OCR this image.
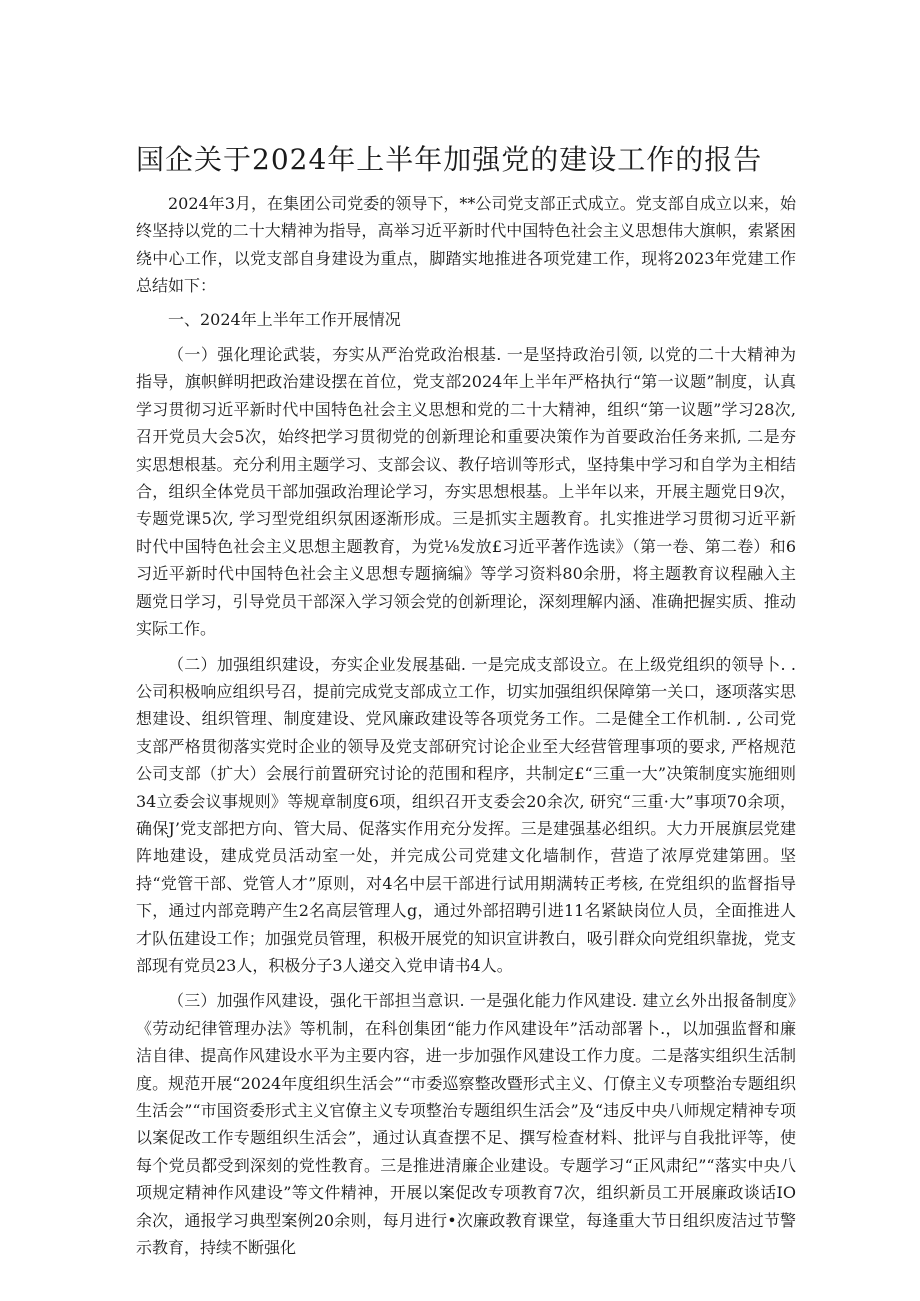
国企关于2024年上半年加强党的建设工作的报告

2024年3月，在集团公司党委的领导下，**公司党支部正式成立。党支部自成立以来，始终坚持以党的二十大精神为指导，高举习近平新时代中国特色社会主义思想伟大旗帜，索紧困绕中心工作，以党支部自身建设为重点，脚踏实地推进各项党建工作，现将2023年党建工作总结如下：

一、2024年上半年工作开展情况

（一）强化理论武装，夯实从严治党政治根基. 一是坚持政治引领, 以党的二十大精神为指导，旗帜鲜明把政治建设摆在首位，党支部2024年上半年严格执行“第一议题”制度，认真学习贯彻习近平新时代中国特色社会主义思想和党的二十大精神，组织“第一议题”学习28次, 召开党员大会5次，始终把学习贯彻党的创新理论和重要决策作为首要政治任务来抓, 二是夯实思想根基。充分利用主题学习、支部会议、教仔培训等形式，坚持集中学习和自学为主相结合，组织全体党员干部加强政治理论学习，夯实思想根基。上半年以来，开展主题党日9次，专题党课5次, 学习型党组织氛困逐渐形成。三是抓实主题教育。扎实推进学习贯彻习近平新时代中国特色社会主义思想主题教育，为党⅛发放£习近平著作选读》（第一卷、第二卷）和6习近平新时代中国特色社会主义思想专题摘编》等学习资料80余册，将主题教育议程融入主题党日学习，引导党员干部深入学习领会党的创新理论，深刻理解内涵、准确把握实质、推动实际工作。

（二）加强组织建设，夯实企业发展基础. 一是完成支部设立。在上级党组织的领导卜. . 公司积极响应组织号召，提前完成党支部成立工作，切实加强组织保障第一关口，逐项落实思想建设、组织管理、制度建设、党风廉政建设等各项党务工作。二是健全工作机制. , 公司党支部严格贯彻落实党时企业的领导及党支部研究讨论企业至大经营管理事项的要求, 严格规范公司支部（扩大）会展行前置研究讨论的范围和程序，共制定£“三重一大”决策制度实施细则34立委会议事规则》等规章制度6项，组织召开支委会20余次, 研究“三重·大”事项70余项，确保J’党支部把方向、管大局、促落实作用充分发挥。三是建强基必组织。大力开展旗层党建阵地建设，建成党员活动室一处，并完成公司党建文化墙制作，营造了浓厚党建第囲。坚持“党管干部、党管人才”原则，对4名中层干部进行试用期满转正考核, 在党组织的监督指导下，通过内部竞聘产生2名高层管理人g，通过外部招聘引进11名紧缺岗位人员，全面推进人才队伍建设工作；加强党员管理，积极开展党的知识宣讲教白，吸引群众向党组织靠拢，党支部现有党员23人，积极分子3人递交入党申请书4人。

（三）加强作风建设，强化干部担当意识. 一是强化能力作风建设. 建立幺外出报备制度》《劳动纪律管理办法》等机制，在科创集团“能力作风建设年”活动部署卜.，以加强监督和廉洁自律、提高作风建设水平为主要内容，进一步加强作风建设工作力度。二是落实组织生活制度。规范开展“2024年度组织生活会”“市委巡察整改暨形式主义、仃僚主义专项整治专题组织生活会”“市国资委形式主义官僚主义专项整治专题组织生活会”及“违反中央八师规定精神专项以案促改工作专题组织生活会”，通过认真查摆不足、撰写检查材料、批评与自我批评等，使每个党员都受到深刻的党性教育。三是推进清廉企业建设。专题学习“正风肃纪”“落实中央八项规定精神作风建设”等文件精神，开展以案促改专项教育7次，组织新员工开展廉政谈话IO余次，通报学习典型案例20余则，每月进行•次廉政教育课堂，每逢重大节日组织废洁过节警示教育，持续不断强化
